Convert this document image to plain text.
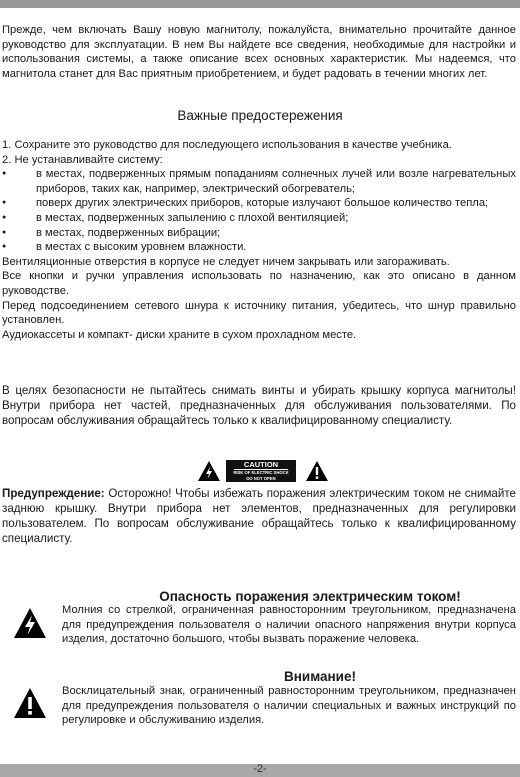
Прежде, чем включать Вашу новую магнитолу, пожалуйста, внимательно прочитайте данное руководство для эксплуатации. В нем Вы найдете все сведения, необходимые для настройки и использования системы, а также описание всех основных характеристик. Мы надеемся, что магнитола станет для Вас приятным приобретением, и будет радовать в течении многих лет.

Важные предостережения

1. Сохраните это руководство для последующего использования в качестве учебника.

2. Не устанавливайте систему:

● в местах, подверженных прямым попаданиям солнечных лучей или возле нагревательных приборов, таких как, например, электрический обогреватель;
● поверх других электрических приборов, которые излучают большое количество тепла;
● в местах, подверженных запылению с плохой вентиляцией;
● в местах, подверженных вибрации;
● в местах с высоким уровнем влажности.

Вентиляционные отверстия в корпусе не следует ничем закрывать или загораживать.

Все кнопки и ручки управления использовать по назначению, как это описано в данном руководстве.

Перед подсоединением сетевого шнура к источнику питания, убедитесь, что шнур правильно установлен.

Аудиокассеты и компакт- диски храните в сухом прохладном месте.

В целях безопасности не пытайтесь снимать винты и убирать крышку корпуса магнитолы! Внутри прибора нет частей, предназначенных для обслуживания пользователями. По вопросам обслуживания обращайтесь только к квалифицированному специалисту.

CAUTION
RISK OF ELECTRIC SHOCK
DO NOT OPEN

Предупреждение: Осторожно! Чтобы избежать поражения электрическим током не снимайте заднюю крышку. Внутри прибора нет элементов, предназначенных для регулировки пользователем. По вопросам обслуживание обращайтесь только к квалифицированному специалисту.

Опасность поражения электрическим током!

Молния со стрелкой, ограниченная равносторонним треугольником, предназначена для предупреждения пользователя о наличии опасного напряжения внутри корпуса изделия, достаточно большого, чтобы вызвать поражение человека.

Внимание!

Восклицательный знак, ограниченный равносторонним треугольником, предназначен для предупреждения пользователя о наличии специальных и важных инструкций по регулировке и обслуживанию изделия.

-2-
